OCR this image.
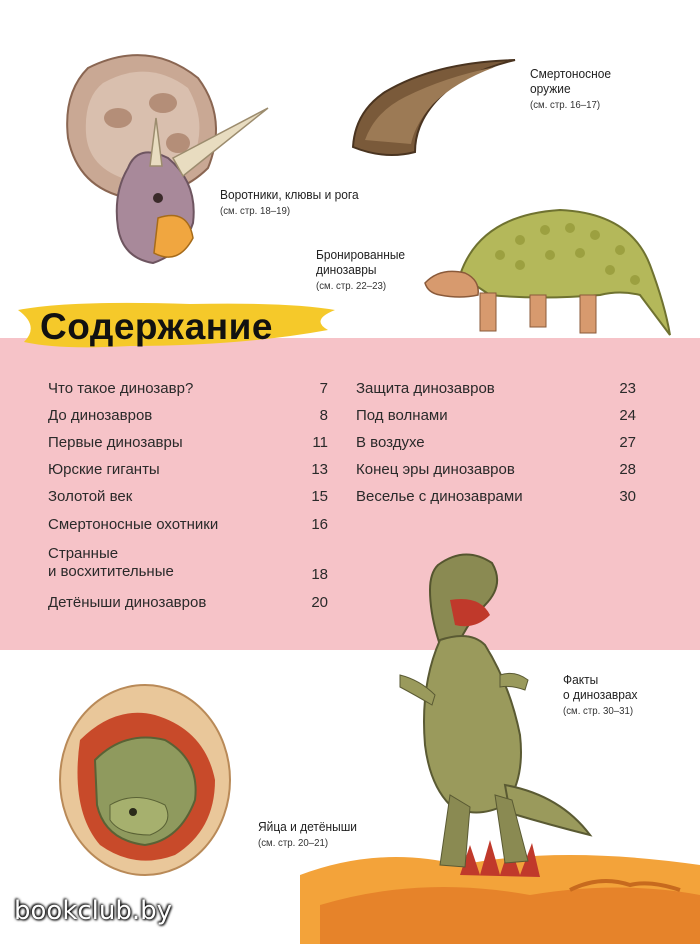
Воротники, клювы и рога
(см. стр. 18–19)
Смертоносное
оружие
(см. стр. 16–17)
Бронированные
динозавры
(см. стр. 22–23)
Содержание
Что такое динозавр?	7
До динозавров	8
Первые динозавры	11
Юрские гиганты	13
Золотой век	15
Смертоносные охотники	16
Странные
и восхитительные	18
Детёныши динозавров	20
Защита динозавров	23
Под волнами	24
В воздухе	27
Конец эры динозавров	28
Веселье с динозаврами	30
Факты
о динозаврах
(см. стр. 30–31)
Яйца и детёныши
(см. стр. 20–21)
bookclub.by
